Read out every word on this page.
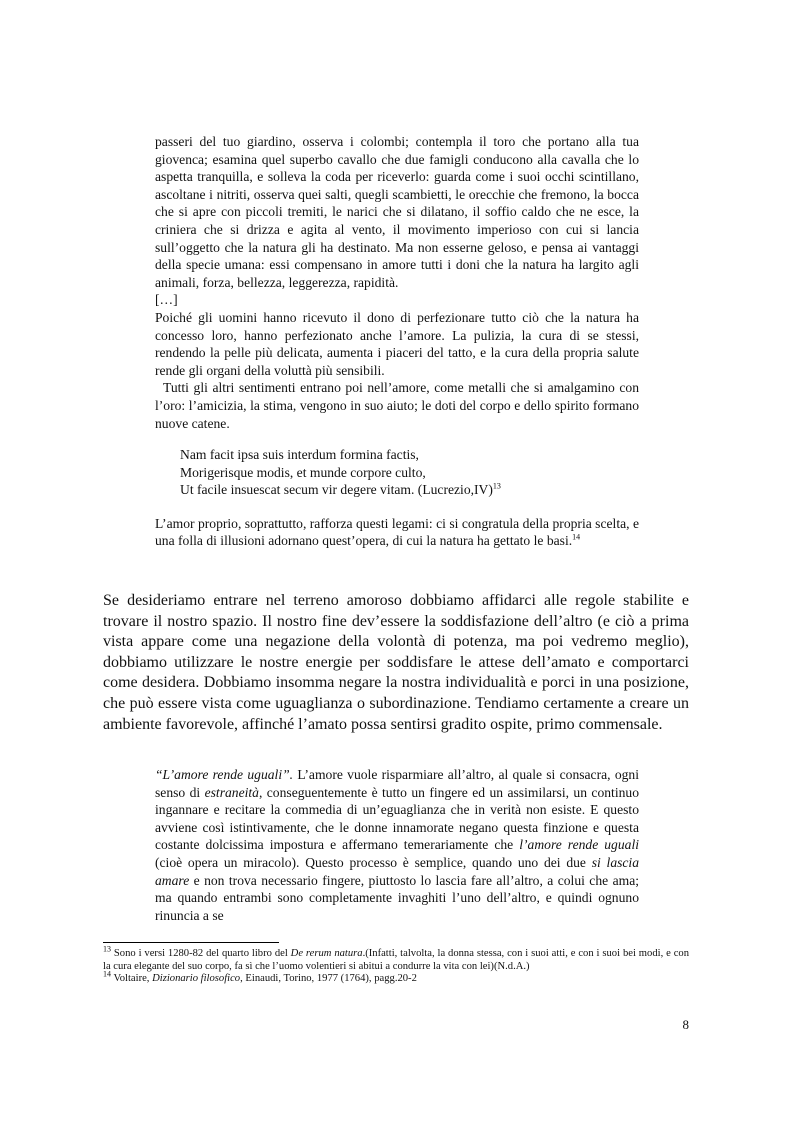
passeri del tuo giardino, osserva i colombi; contempla il toro che portano alla tua giovenca; esamina quel superbo cavallo che due famigli conducono alla cavalla che lo aspetta tranquilla, e solleva la coda per riceverlo: guarda come i suoi occhi scintillano, ascoltane i nitriti, osserva quei salti, quegli scambietti, le orecchie che fremono, la bocca che si apre con piccoli tremiti, le narici che si dilatano, il soffio caldo che ne esce, la criniera che si drizza e agita al vento, il movimento imperioso con cui si lancia sull’oggetto che la natura gli ha destinato. Ma non esserne geloso, e pensa ai vantaggi della specie umana: essi compensano in amore tutti i doni che la natura ha largito agli animali, forza, bellezza, leggerezza, rapidità.

[…]

Poiché gli uomini hanno ricevuto il dono di perfezionare tutto ciò che la natura ha concesso loro, hanno perfezionato anche l’amore. La pulizia, la cura di se stessi, rendendo la pelle più delicata, aumenta i piaceri del tatto, e la cura della propria salute rende gli organi della voluttà più sensibili.

Tutti gli altri sentimenti entrano poi nell’amore, come metalli che si amalgamino con l’oro: l’amicizia, la stima, vengono in suo aiuto; le doti del corpo e dello spirito formano nuove catene.

Nam facit ipsa suis interdum formina factis,
Morigerisque modis, et munde corpore culto,
Ut facile insuescat secum vir degere vitam. (Lucrezio,IV)$^{13}$

L’amor proprio, soprattutto, rafforza questi legami: ci si congratula della propria scelta, e una folla di illusioni adornano quest’opera, di cui la natura ha gettato le basi.$^{14}$

Se desideriamo entrare nel terreno amoroso dobbiamo affidarci alle regole stabilite e trovare il nostro spazio. Il nostro fine dev’essere la soddisfazione dell’altro (e ciò a prima vista appare come una negazione della volontà di potenza, ma poi vedremo meglio), dobbiamo utilizzare le nostre energie per soddisfare le attese dell’amato e comportarci come desidera. Dobbiamo insomma negare la nostra individualità e porci in una posizione, che può essere vista come uguaglianza o subordinazione. Tendiamo certamente a creare un ambiente favorevole, affinché l’amato possa sentirsi gradito ospite, primo commensale.

“L’amore rende uguali”. L’amore vuole risparmiare all’altro, al quale si consacra, ogni senso di estraneità, conseguentemente è tutto un fingere ed un assimilarsi, un continuo ingannare e recitare la commedia di un’eguaglianza che in verità non esiste. E questo avviene così istintivamente, che le donne innamorate negano questa finzione e questa costante dolcissima impostura e affermano temerariamente che l’amore rende uguali (cioè opera un miracolo). Questo processo è semplice, quando uno dei due si lascia amare e non trova necessario fingere, piuttosto lo lascia fare all’altro, a colui che ama; ma quando entrambi sono completamente invaghiti l’uno dell’altro, e quindi ognuno rinuncia a se

$^{13}$ Sono i versi 1280-82 del quarto libro del De rerum natura.(Infatti, talvolta, la donna stessa, con i suoi atti, e con i suoi bei modi, e con la cura elegante del suo corpo, fa sì che l’uomo volentieri si abitui a condurre la vita con lei)(N.d.A.)

$^{14}$ Voltaire, Dizionario filosofico, Einaudi, Torino, 1977 (1764), pagg.20-2

8
